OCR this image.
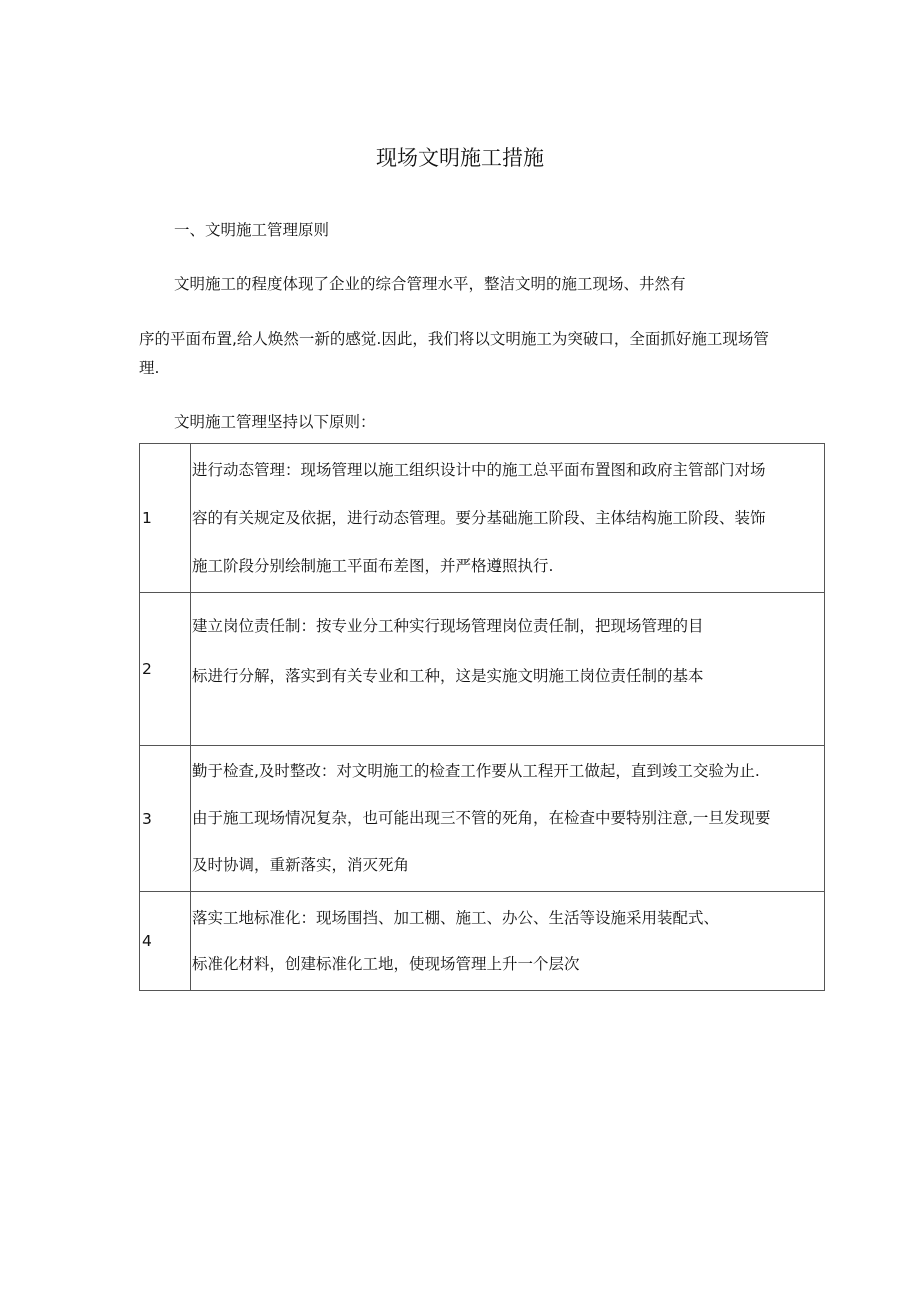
现场文明施工措施
一、文明施工管理原则
文明施工的程度体现了企业的综合管理水平，整洁文明的施工现场、井然有
序的平面布置,给人焕然一新的感觉.因此，我们将以文明施工为突破口，全面抓好施工现场管
理.
文明施工管理坚持以下原则：
1	进行动态管理：现场管理以施工组织设计中的施工总平面布置图和政府主管部门对场
容的有关规定及依据，进行动态管理。要分基础施工阶段、主体结构施工阶段、装饰
施工阶段分别绘制施工平面布差图，并严格遵照执行.

2	建立岗位责任制：按专业分工种实行现场管理岗位责任制，把现场管理的目
标进行分解，落实到有关专业和工种，这是实施文明施工岗位责任制的基本

3	勤于检查,及时整改：对文明施工的检查工作要从工程开工做起，直到竣工交验为止.
由于施工现场情况复杂，也可能出现三不管的死角，在检查中要特别注意,一旦发现要
及时协调，重新落实，消灭死角

4	落实工地标准化：现场围挡、加工棚、施工、办公、生活等设施采用装配式、
标准化材料，创建标准化工地，使现场管理上升一个层次
